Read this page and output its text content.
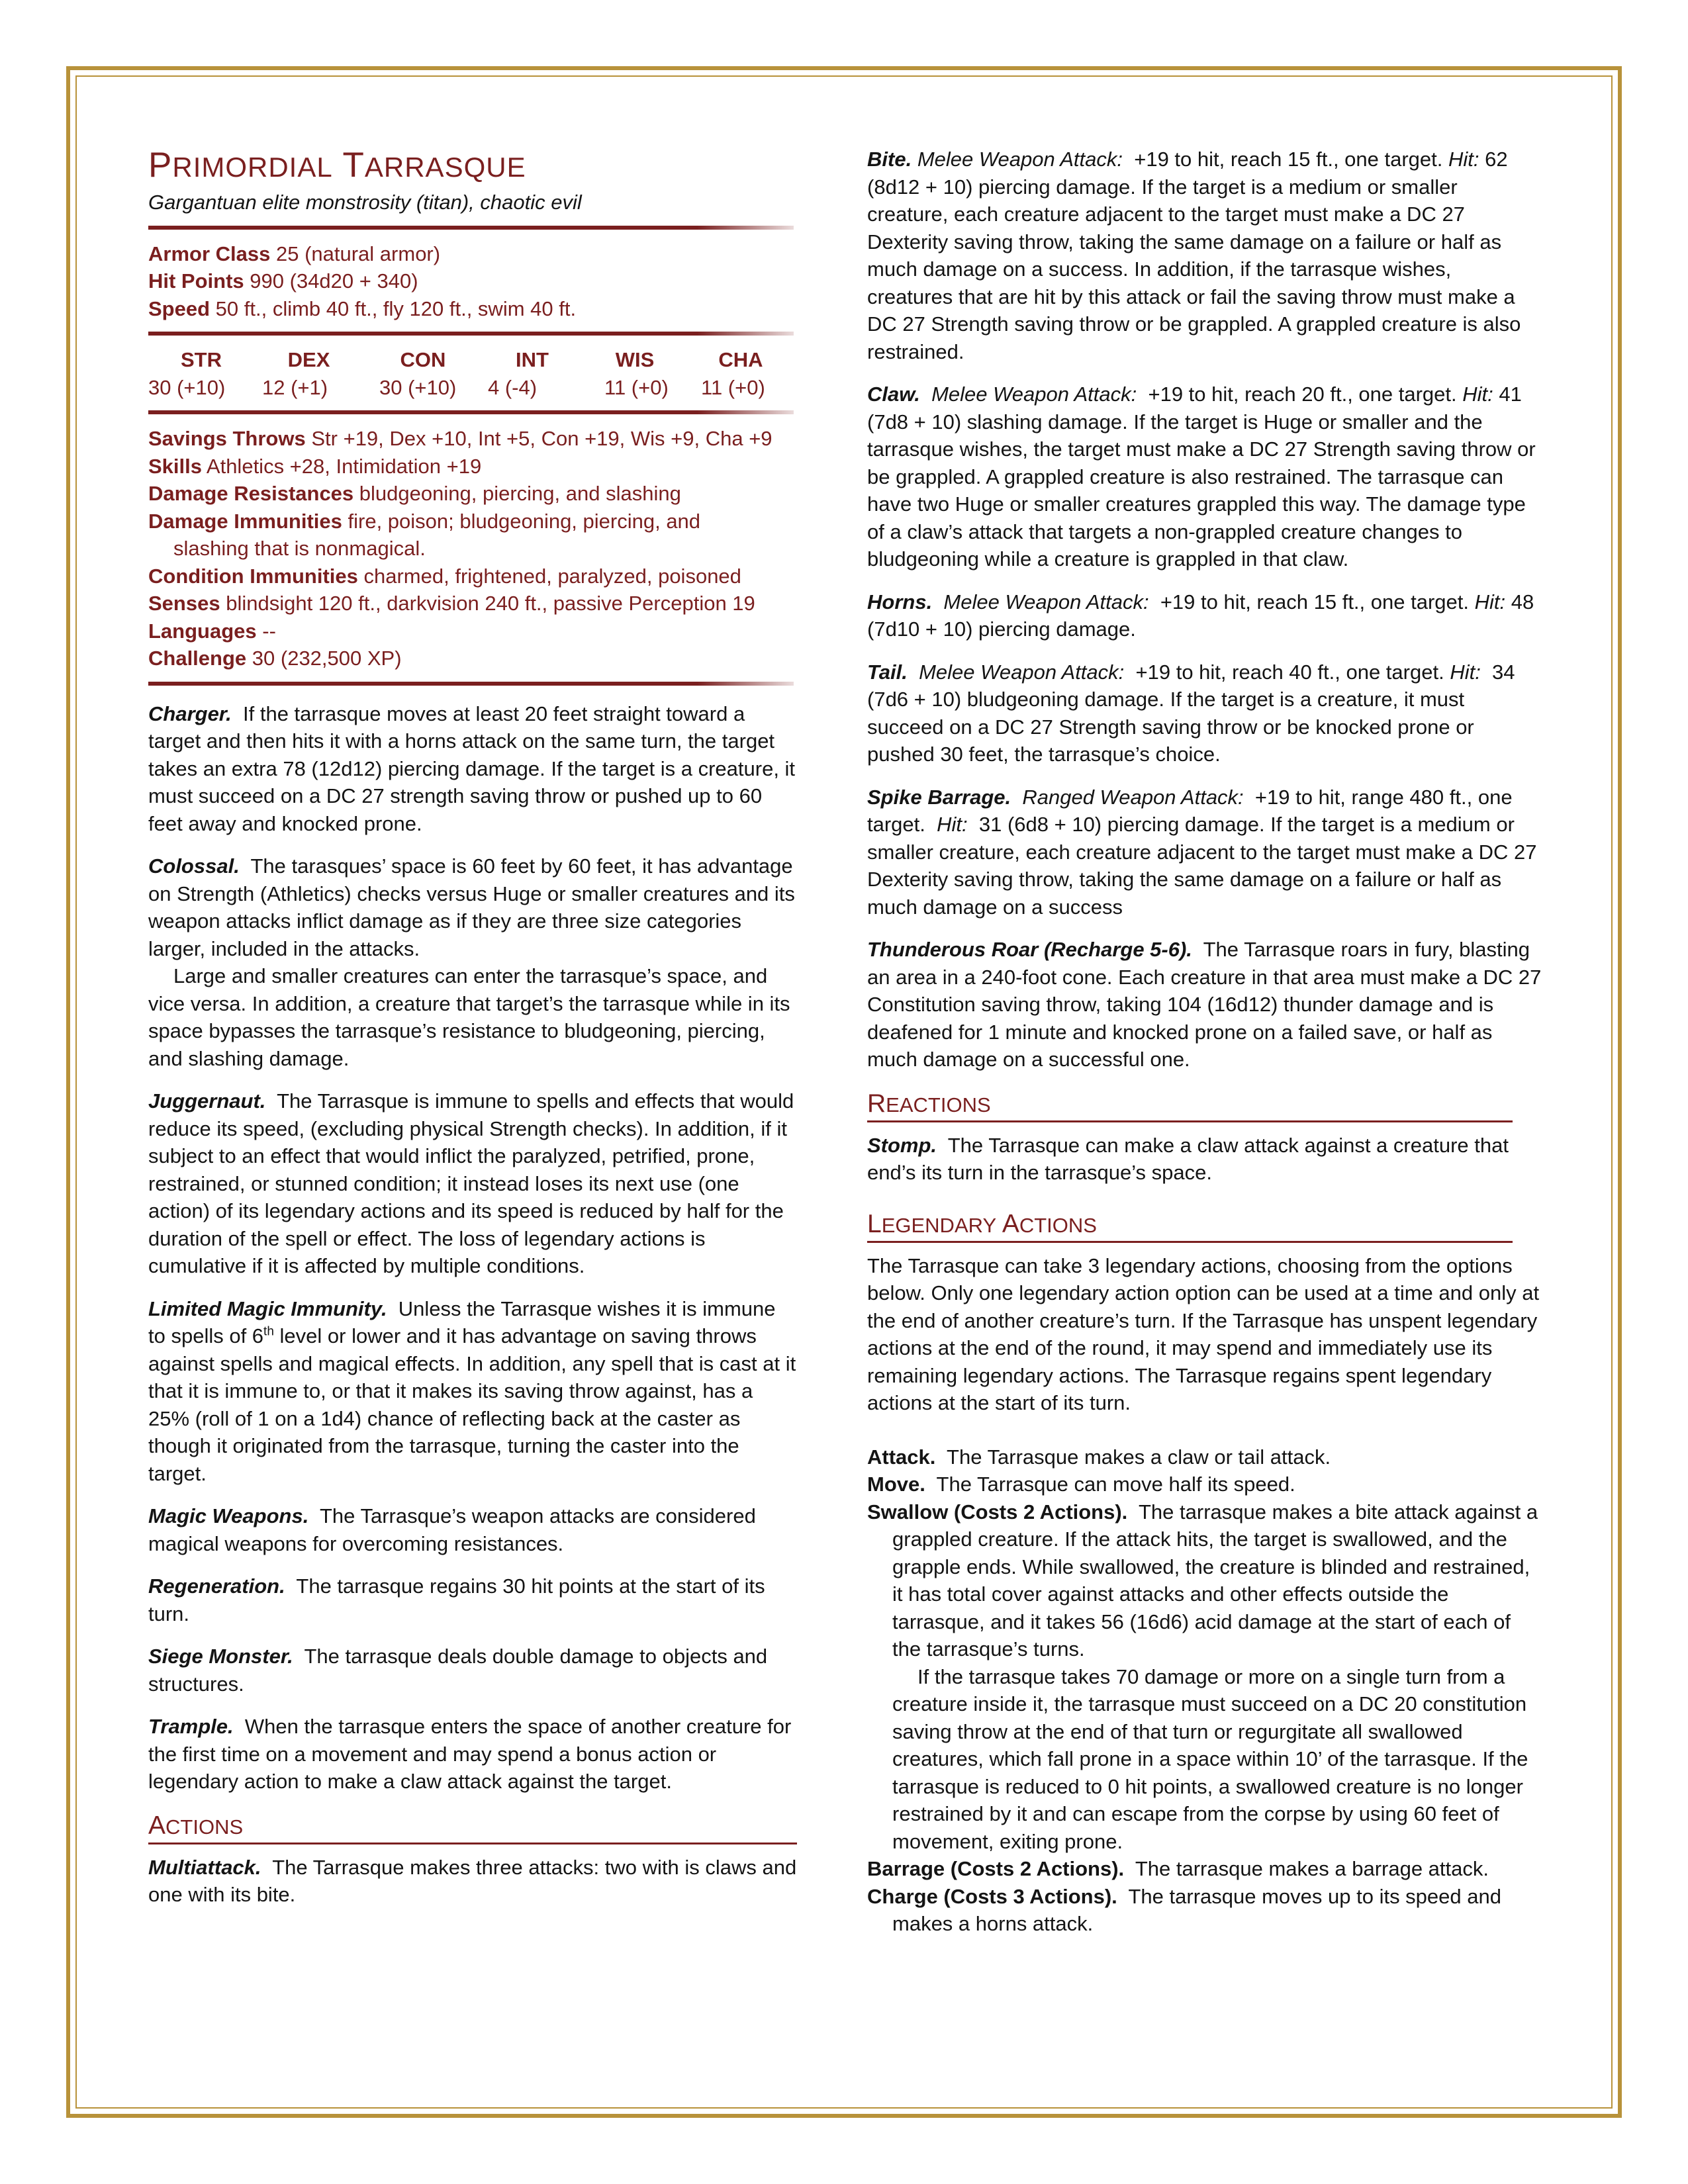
PRIMORDIAL TARRASQUE

Gargantuan elite monstrosity (titan), chaotic evil

Armor Class 25 (natural armor)

Hit Points 990 (34d20 + 340)

Speed 50 ft., climb 40 ft., fly 120 ft., swim 40 ft.

STR	DEX	CON	INT	WIS	CHA
30 (+10)	12 (+1)	30 (+10)	4 (-4)	11 (+0)	11 (+0)

Savings Throws Str +19, Dex +10, Int +5, Con +19, Wis +9, Cha +9

Skills Athletics +28, Intimidation +19

Damage Resistances bludgeoning, piercing, and slashing

Damage Immunities fire, poison; bludgeoning, piercing, and slashing that is nonmagical.

Condition Immunities charmed, frightened, paralyzed, poisoned

Senses blindsight 120 ft., darkvision 240 ft., passive Perception 19

Languages --

Challenge 30 (232,500 XP)

Charger. If the tarrasque moves at least 20 feet straight toward a target and then hits it with a horns attack on the same turn, the target takes an extra 78 (12d12) piercing damage. If the target is a creature, it must succeed on a DC 27 strength saving throw or pushed up to 60 feet away and knocked prone.

Colossal. The tarasques’ space is 60 feet by 60 feet, it has advantage on Strength (Athletics) checks versus Huge or smaller creatures and its weapon attacks inflict damage as if they are three size categories larger, included in the attacks.

Large and smaller creatures can enter the tarrasque’s space, and vice versa. In addition, a creature that target’s the tarrasque while in its space bypasses the tarrasque’s resistance to bludgeoning, piercing, and slashing damage.

Juggernaut. The Tarrasque is immune to spells and effects that would reduce its speed, (excluding physical Strength checks). In addition, if it subject to an effect that would inflict the paralyzed, petrified, prone, restrained, or stunned condition; it instead loses its next use (one action) of its legendary actions and its speed is reduced by half for the duration of the spell or effect. The loss of legendary actions is cumulative if it is affected by multiple conditions.

Limited Magic Immunity. Unless the Tarrasque wishes it is immune to spells of 6th level or lower and it has advantage on saving throws against spells and magical effects. In addition, any spell that is cast at it that it is immune to, or that it makes its saving throw against, has a 25% (roll of 1 on a 1d4) chance of reflecting back at the caster as though it originated from the tarrasque, turning the caster into the target.

Magic Weapons. The Tarrasque’s weapon attacks are considered magical weapons for overcoming resistances.

Regeneration. The tarrasque regains 30 hit points at the start of its turn.

Siege Monster. The tarrasque deals double damage to objects and structures.

Trample. When the tarrasque enters the space of another creature for the first time on a movement and may spend a bonus action or legendary action to make a claw attack against the target.

ACTIONS

Multiattack. The Tarrasque makes three attacks: two with is claws and one with its bite.

Bite. Melee Weapon Attack: +19 to hit, reach 15 ft., one target. Hit: 62 (8d12 + 10) piercing damage. If the target is a medium or smaller creature, each creature adjacent to the target must make a DC 27 Dexterity saving throw, taking the same damage on a failure or half as much damage on a success. In addition, if the tarrasque wishes, creatures that are hit by this attack or fail the saving throw must make a DC 27 Strength saving throw or be grappled. A grappled creature is also restrained.

Claw. Melee Weapon Attack: +19 to hit, reach 20 ft., one target. Hit: 41 (7d8 + 10) slashing damage. If the target is Huge or smaller and the tarrasque wishes, the target must make a DC 27 Strength saving throw or be grappled. A grappled creature is also restrained. The tarrasque can have two Huge or smaller creatures grappled this way. The damage type of a claw’s attack that targets a non-grappled creature changes to bludgeoning while a creature is grappled in that claw.

Horns. Melee Weapon Attack: +19 to hit, reach 15 ft., one target. Hit: 48 (7d10 + 10) piercing damage.

Tail. Melee Weapon Attack: +19 to hit, reach 40 ft., one target. Hit: 34 (7d6 + 10) bludgeoning damage. If the target is a creature, it must succeed on a DC 27 Strength saving throw or be knocked prone or pushed 30 feet, the tarrasque’s choice.

Spike Barrage. Ranged Weapon Attack: +19 to hit, range 480 ft., one target. Hit: 31 (6d8 + 10) piercing damage. If the target is a medium or smaller creature, each creature adjacent to the target must make a DC 27 Dexterity saving throw, taking the same damage on a failure or half as much damage on a success

Thunderous Roar (Recharge 5-6). The Tarrasque roars in fury, blasting an area in a 240-foot cone. Each creature in that area must make a DC 27 Constitution saving throw, taking 104 (16d12) thunder damage and is deafened for 1 minute and knocked prone on a failed save, or half as much damage on a successful one.

REACTIONS

Stomp. The Tarrasque can make a claw attack against a creature that end’s its turn in the tarrasque’s space.

LEGENDARY ACTIONS

The Tarrasque can take 3 legendary actions, choosing from the options below. Only one legendary action option can be used at a time and only at the end of another creature’s turn. If the Tarrasque has unspent legendary actions at the end of the round, it may spend and immediately use its remaining legendary actions. The Tarrasque regains spent legendary actions at the start of its turn.

Attack. The Tarrasque makes a claw or tail attack.

Move. The Tarrasque can move half its speed.

Swallow (Costs 2 Actions). The tarrasque makes a bite attack against a grappled creature. If the attack hits, the target is swallowed, and the grapple ends. While swallowed, the creature is blinded and restrained, it has total cover against attacks and other effects outside the tarrasque, and it takes 56 (16d6) acid damage at the start of each of the tarrasque’s turns.

If the tarrasque takes 70 damage or more on a single turn from a creature inside it, the tarrasque must succeed on a DC 20 constitution saving throw at the end of that turn or regurgitate all swallowed creatures, which fall prone in a space within 10’ of the tarrasque. If the tarrasque is reduced to 0 hit points, a swallowed creature is no longer restrained by it and can escape from the corpse by using 60 feet of movement, exiting prone.

Barrage (Costs 2 Actions). The tarrasque makes a barrage attack.

Charge (Costs 3 Actions). The tarrasque moves up to its speed and makes a horns attack.
